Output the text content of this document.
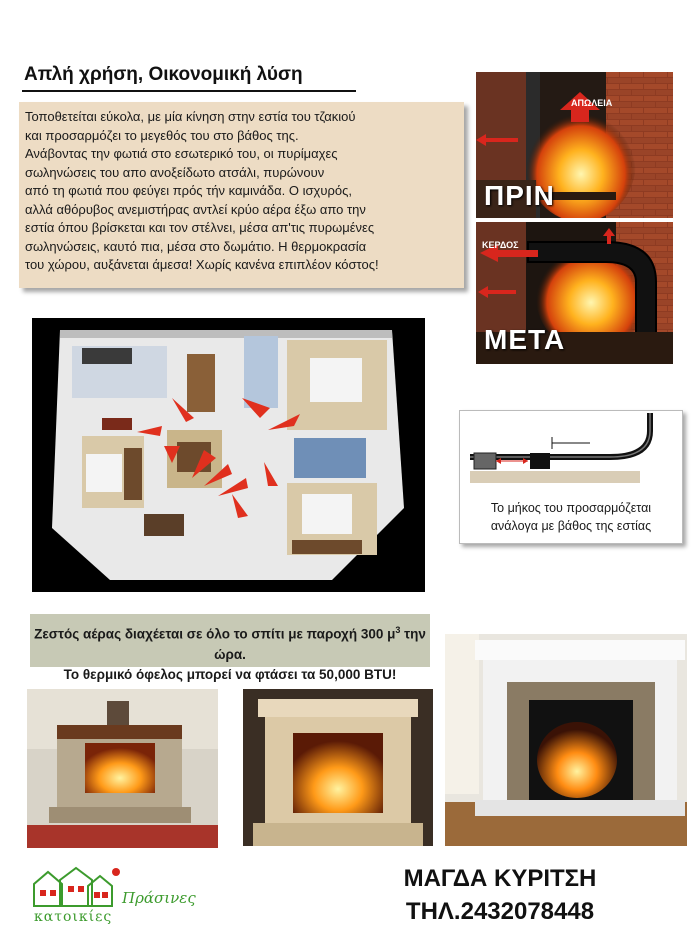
Απλή χρήση, Οικονομική λύση

Τοποθετείται εύκολα, με μία κίνηση στην εστία του τζακιού

και προσαρμόζει το μεγεθός του στο βάθος της.

Ανάβοντας την φωτιά στο εσωτερικό του, οι πυρίμαχες

σωληνώσεις του απο ανοξείδωτο ατσάλι, πυρώνουν

από τη φωτιά που φεύγει πρός τήν καμινάδα. Ο ισχυρός,

αλλά αθόρυβος ανεμιστήρας αντλεί κρύο αέρα έξω απο την

εστία όπου βρίσκεται και τον στέλνει, μέσα απ'τις πυρωμένες

σωληνώσεις, καυτό πια, μέσα στο δωμάτιο. Η θερμοκρασία

του χώρου, αυξάνεται άμεσα! Χωρίς κανένα επιπλέον κόστος!

ΑΠΩΛΕΙΑ
ΠΡΙΝ
ΚΕΡΔΟΣ
ΜΕΤΑ
Το μήκος του προσαρμόζεται
ανάλογα με βάθος της εστίας
Ζεστός αέρας διαχέεται σε όλο το σπίτι με παροχή 300 $\mu^3$ την ώρα.
Το θερμικό όφελος μπορεί να φτάσει τα 50,000 BTU!
Πράσινες
κατοικίες
ΜΑΓΔΑ ΚΥΡΙΤΣΗ
ΤΗΛ.2432078448
